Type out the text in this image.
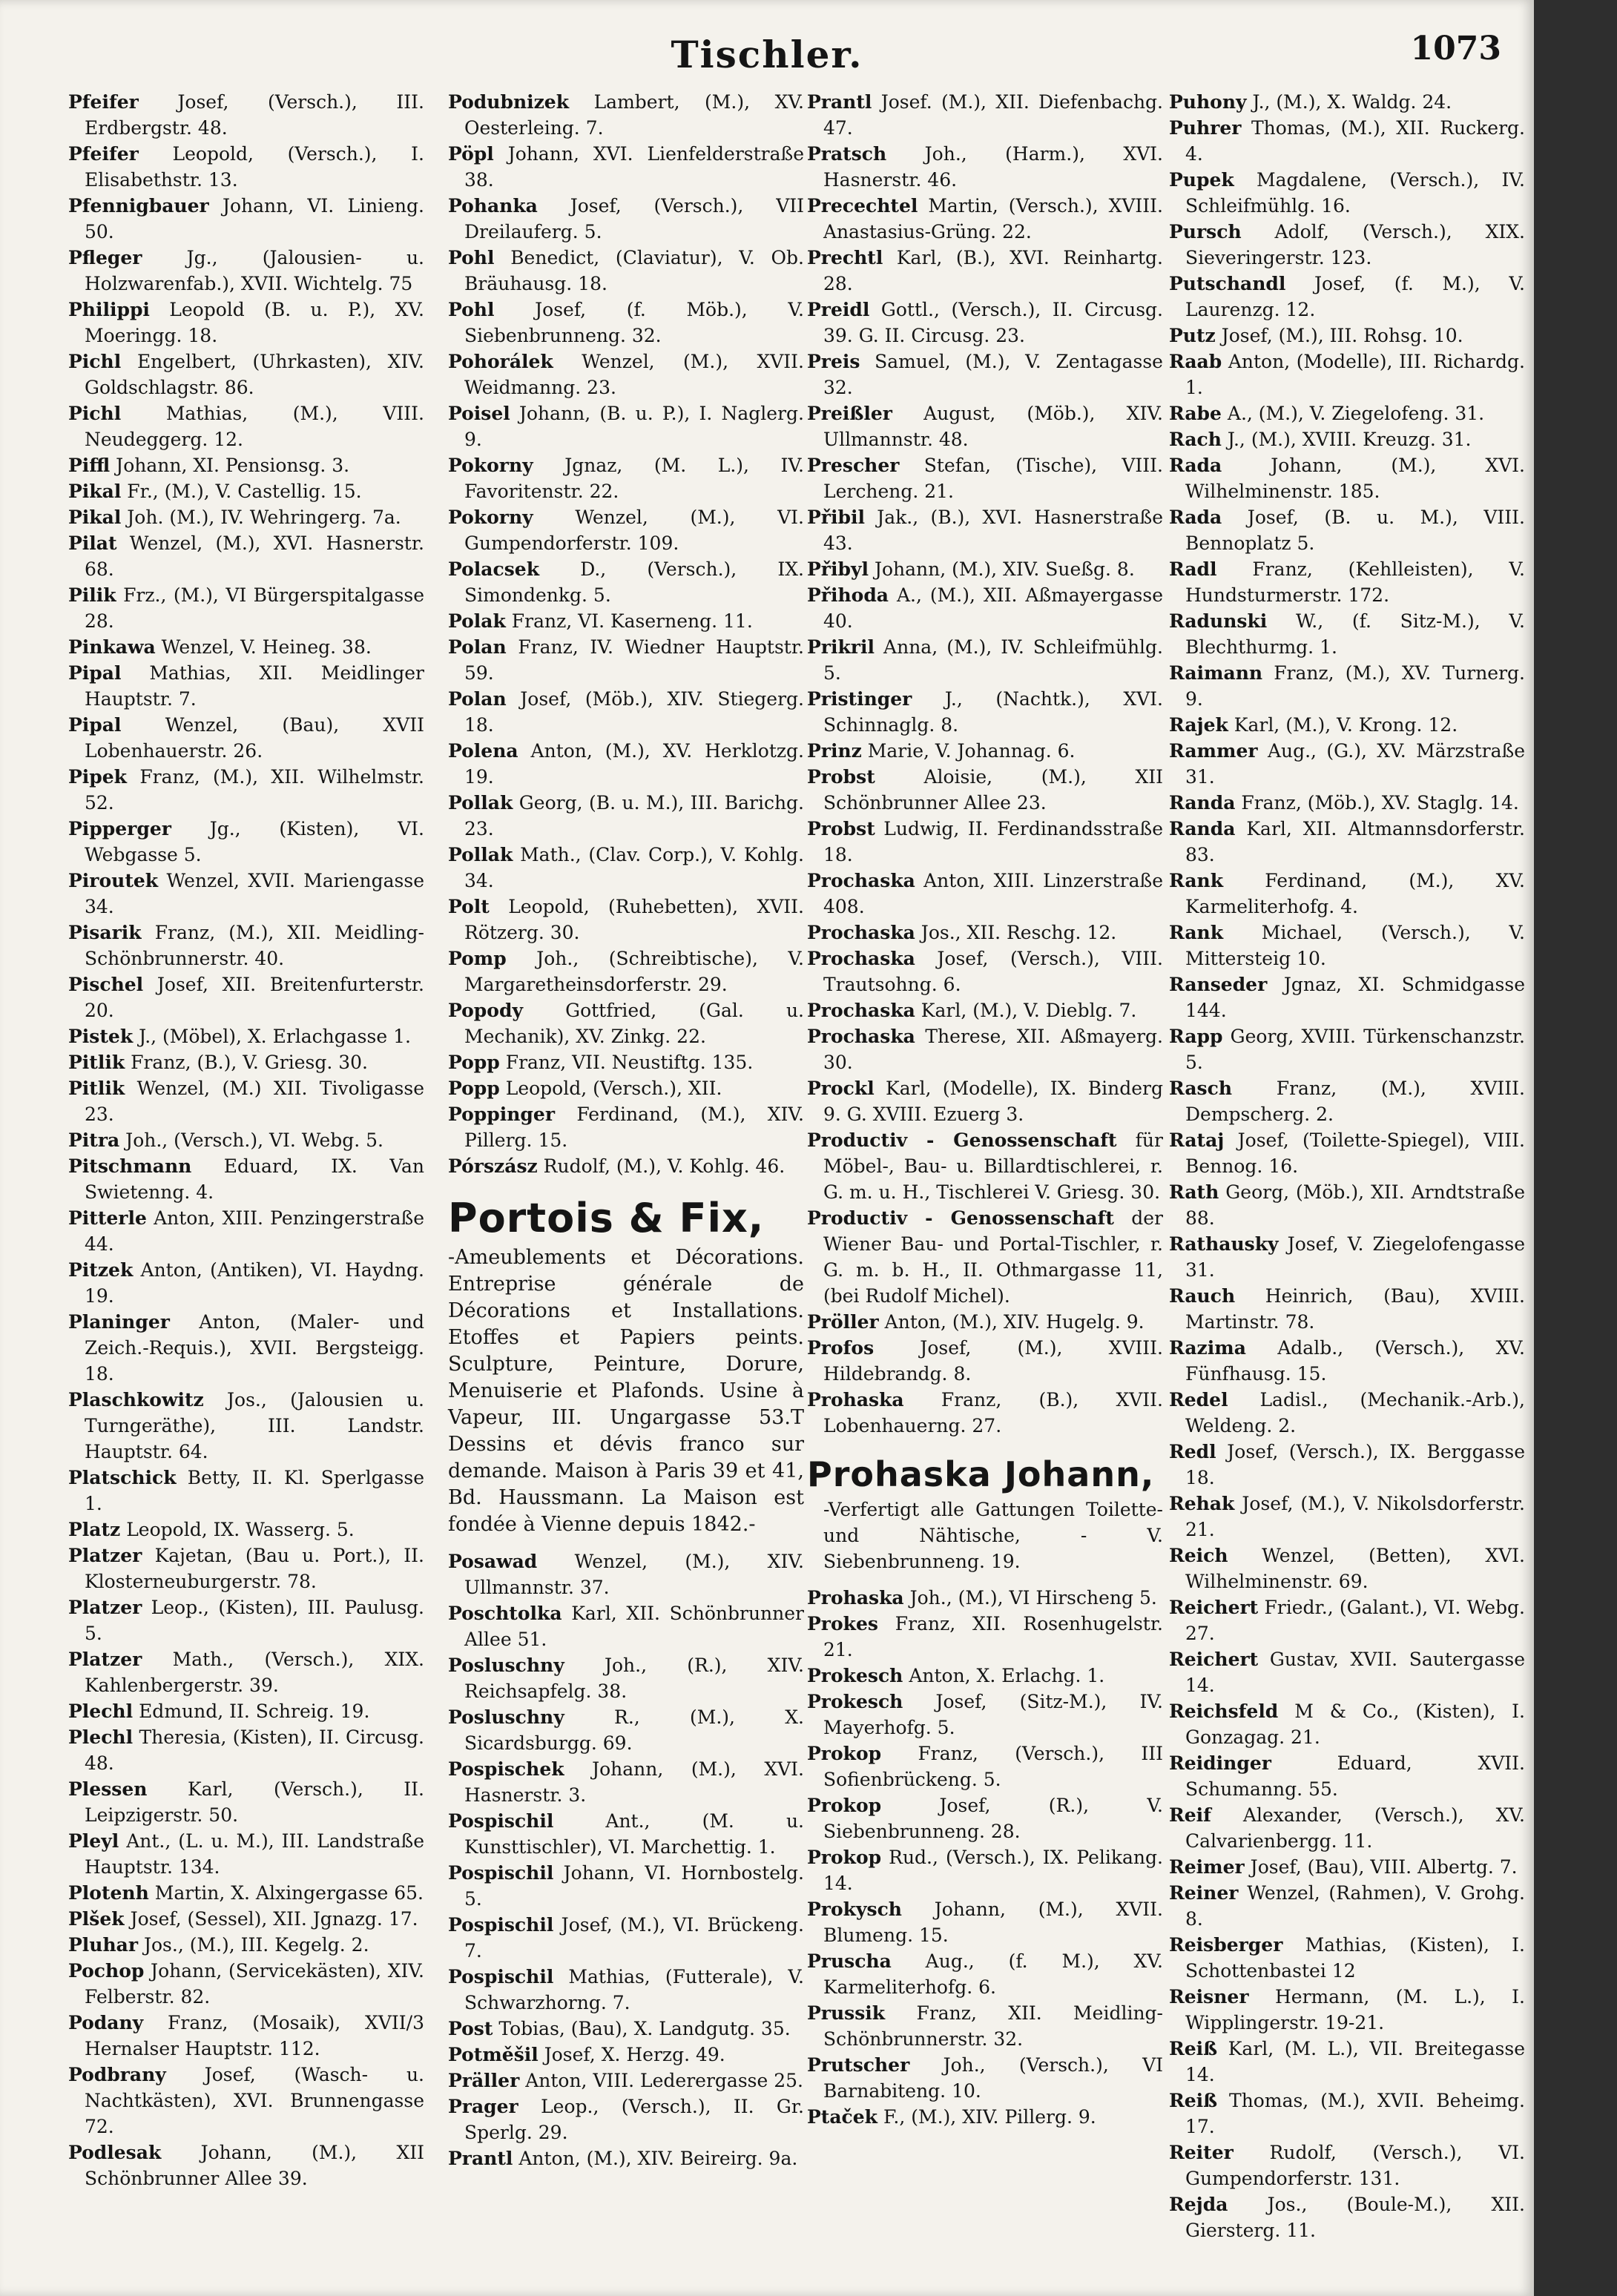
Tischler.	1073
Pfeifer Josef, (Versch.), III. Erdbergstr. 48.
Pfeifer Leopold, (Versch.), I. Elisabethstr. 13.
Pfennigbauer Johann, VI. Linieng. 50.
Pfleger Jg., (Jalousien- u. Holzwarenfab.), XVII. Wichtelg. 75
Philippi Leopold (B. u. P.), XV. Moeringg. 18.
Pichl Engelbert, (Uhrkasten), XIV. Goldschlagstr. 86.
Pichl Mathias, (M.), VIII. Neudeggerg. 12.
Piffl Johann, XI. Pensionsg. 3.
Pikal Fr., (M.), V. Castellig. 15.
Pikal Joh. (M.), IV. Wehringerg. 7a.
Pilat Wenzel, (M.), XVI. Hasnerstr. 68.
Pilik Frz., (M.), VI Bürgerspitalgasse 28.
Pinkawa Wenzel, V. Heineg. 38.
Pipal Mathias, XII. Meidlinger Hauptstr. 7.
Pipal Wenzel, (Bau), XVII Lobenhauerstr. 26.
Pipek Franz, (M.), XII. Wilhelmstr. 52.
Pipperger Jg., (Kisten), VI. Webgasse 5.
Piroutek Wenzel, XVII. Mariengasse 34.
Pisarik Franz, (M.), XII. Meidling-Schönbrunnerstr. 40.
Pischel Josef, XII. Breitenfurterstr. 20.
Pistek J., (Möbel), X. Erlachgasse 1.
Pitlik Franz, (B.), V. Griesg. 30.
Pitlik Wenzel, (M.) XII. Tivoligasse 23.
Pitra Joh., (Versch.), VI. Webg. 5.
Pitschmann Eduard, IX. Van Swietenng. 4.
Pitterle Anton, XIII. Penzingerstraße 44.
Pitzek Anton, (Antiken), VI. Haydng. 19.
Planinger Anton, (Maler- und Zeich.-Requis.), XVII. Bergsteigg. 18.
Plaschkowitz Jos., (Jalousien u. Turngeräthe), III. Landstr. Hauptstr. 64.
Platschick Betty, II. Kl. Sperlgasse 1.
Platz Leopold, IX. Wasserg. 5.
Platzer Kajetan, (Bau u. Port.), II. Klosterneuburgerstr. 78.
Platzer Leop., (Kisten), III. Paulusg. 5.
Platzer Math., (Versch.), XIX. Kahlenbergerstr. 39.
Plechl Edmund, II. Schreig. 19.
Plechl Theresia, (Kisten), II. Circusg. 48.
Plessen Karl, (Versch.), II. Leipzigerstr. 50.
Pleyl Ant., (L. u. M.), III. Landstraße Hauptstr. 134.
Plotenh Martin, X. Alxingergasse 65.
Plšek Josef, (Sessel), XII. Jgnazg. 17.
Pluhar Jos., (M.), III. Kegelg. 2.
Pochop Johann, (Servicekästen), XIV. Felberstr. 82.
Podany Franz, (Mosaik), XVII/3 Hernalser Hauptstr. 112.
Podbrany Josef, (Wasch- u. Nachtkästen), XVI. Brunnengasse 72.
Podlesak Johann, (M.), XII Schönbrunner Allee 39.
Podubnizek Lambert, (M.), XV. Oesterleing. 7.
Pöpl Johann, XVI. Lienfelderstraße 38.
Pohanka Josef, (Versch.), VII Dreilauferg. 5.
Pohl Benedict, (Claviatur), V. Ob. Bräuhausg. 18.
Pohl Josef, (f. Möb.), V. Siebenbrunneng. 32.
Pohorálek Wenzel, (M.), XVII. Weidmanng. 23.
Poisel Johann, (B. u. P.), I. Naglerg. 9.
Pokorny Jgnaz, (M. L.), IV. Favoritenstr. 22.
Pokorny Wenzel, (M.), VI. Gumpendorferstr. 109.
Polacsek D., (Versch.), IX. Simondenkg. 5.
Polak Franz, VI. Kaserneng. 11.
Polan Franz, IV. Wiedner Hauptstr. 59.
Polan Josef, (Möb.), XIV. Stiegerg. 18.
Polena Anton, (M.), XV. Herklotzg. 19.
Pollak Georg, (B. u. M.), III. Barichg. 23.
Pollak Math., (Clav. Corp.), V. Kohlg. 34.
Polt Leopold, (Ruhebetten), XVII. Rötzerg. 30.
Pomp Joh., (Schreibtische), V. Margaretheinsdorferstr. 29.
Popody Gottfried, (Gal. u. Mechanik), XV. Zinkg. 22.
Popp Franz, VII. Neustiftg. 135.
Popp Leopold, (Versch.), XII.
Poppinger Ferdinand, (M.), XIV. Pillerg. 15.
Pórszász Rudolf, (M.), V. Kohlg. 46.
Portois & Fix,
-Ameublements et Décorations. Entreprise générale de Décorations et Installations. Etoffes et Papiers peints. Sculpture, Peinture, Dorure, Menuiserie et Plafonds. Usine à Vapeur, III. Ungargasse 53.T Dessins et dévis franco sur demande. Maison à Paris 39 et 41, Bd. Haussmann. La Maison est fondée à Vienne depuis 1842.-
Posawad Wenzel, (M.), XIV. Ullmannstr. 37.
Poschtolka Karl, XII. Schönbrunner Allee 51.
Posluschny Joh., (R.), XIV. Reichsapfelg. 38.
Posluschny	R., (M.), X. Sicardsburgg. 69.
Pospischek Johann, (M.), XVI. Hasnerstr. 3.
Pospischil	Ant., (M. u. Kunsttischler), VI. Marchettig. 1.
Pospischil Johann, VI. Hornbostelg. 5.
Pospischil Josef, (M.), VI. Brückeng. 7.
Pospischil Mathias, (Futterale), V. Schwarzhorng. 7.
Post Tobias, (Bau), X. Landgutg. 35.
Potměšil Josef, X. Herzg. 49.
Präller Anton, VIII. Lederergasse 25.
Prager Leop., (Versch.), II. Gr. Sperlg. 29.
Prantl Anton, (M.), XIV. Beireirg. 9a.
Prantl Josef. (M.), XII. Diefenbachg. 47.
Pratsch Joh., (Harm.), XVI. Hasnerstr. 46.
Precechtel Martin, (Versch.), XVIII. Anastasius-Grüng. 22.
Prechtl Karl, (B.), XVI. Reinhartg. 28.
Preidl Gottl., (Versch.), II. Circusg. 39. G. II. Circusg. 23.
Preis Samuel, (M.), V. Zentagasse 32.
Preißler August, (Möb.), XIV. Ullmannstr. 48.
Prescher Stefan, (Tische), VIII. Lercheng. 21.
Přibil Jak., (B.), XVI. Hasnerstraße 43.
Přibyl Johann, (M.), XIV. Sueßg. 8.
Přihoda A., (M.), XII. Aßmayergasse 40.
Prikril Anna, (M.), IV. Schleifmühlg. 5.
Pristinger J., (Nachtk.), XVI. Schinnaglg. 8.
Prinz Marie, V. Johannag. 6.
Probst	Aloisie, (M.), XII Schönbrunner Allee 23.
Probst Ludwig, II. Ferdinandsstraße 18.
Prochaska Anton, XIII. Linzerstraße 408.
Prochaska Jos., XII. Reschg. 12.
Prochaska Josef, (Versch.), VIII. Trautsohng. 6.
Prochaska Karl, (M.), V. Dieblg. 7.
Prochaska Therese, XII. Aßmayerg. 30.
Prockl Karl, (Modelle), IX. Binderg 9. G. XVIII. Ezuerg 3.
Productiv - Genossenschaft für Möbel-, Bau- u. Billardtischlerei, r. G. m. u. H., Tischlerei V. Griesg. 30.
Productiv - Genossenschaft der Wiener Bau- und Portal-Tischler, r. G. m. b. H., II. Othmargasse 11, (bei Rudolf Michel).
Pröller Anton, (M.), XIV. Hugelg. 9.
Profos Josef, (M.), XVIII. Hildebrandg. 8.
Prohaska Franz, (B.), XVII. Lobenhauerng. 27.
Prohaska Johann,
-Verfertigt alle Gattungen Toilette- und Nähtische, - V. Siebenbrunneng. 19.
Prohaska Joh., (M.), VI Hirscheng 5.
Prokes Franz, XII. Rosenhugelstr. 21.
Prokesch Anton, X. Erlachg. 1.
Prokesch Josef, (Sitz-M.), IV. Mayerhofg. 5.
Prokop Franz, (Versch.), III Sofienbrückeng. 5.
Prokop	Josef, (R.), V. Siebenbrunneng. 28.
Prokop Rud., (Versch.), IX. Pelikang. 14.
Prokysch Johann, (M.), XVII. Blumeng. 15.
Pruscha Aug., (f. M.), XV. Karmeliterhofg. 6.
Prussik Franz, XII. Meidling-Schönbrunnerstr. 32.
Prutscher Joh., (Versch.), VI Barnabiteng. 10.
Ptaček F., (M.), XIV. Pillerg. 9.
Puhony J., (M.), X. Waldg. 24.
Puhrer Thomas, (M.), XII. Ruckerg. 4.
Pupek Magdalene, (Versch.), IV. Schleifmühlg. 16.
Pursch Adolf, (Versch.), XIX. Sieveringerstr. 123.
Putschandl Josef, (f. M.), V. Laurenzg. 12.
Putz Josef, (M.), III. Rohsg. 10.
Raab Anton, (Modelle), III. Richardg. 1.
Rabe A., (M.), V. Ziegelofeng. 31.
Rach J., (M.), XVIII. Kreuzg. 31.
Rada	Johann, (M.), XVI. Wilhelminenstr. 185.
Rada Josef, (B. u. M.), VIII. Bennoplatz 5.
Radl Franz, (Kehlleisten), V. Hundsturmerstr. 172.
Radunski W., (f. Sitz-M.), V. Blechthurmg. 1.
Raimann Franz, (M.), XV. Turnerg. 9.
Rajek Karl, (M.), V. Krong. 12.
Rammer Aug., (G.), XV. Märzstraße 31.
Randa Franz, (Möb.), XV. Staglg. 14.
Randa Karl, XII. Altmannsdorferstr. 83.
Rank Ferdinand, (M.), XV. Karmeliterhofg. 4.
Rank Michael, (Versch.), V. Mittersteig 10.
Ranseder Jgnaz, XI. Schmidgasse 144.
Rapp Georg, XVIII. Türkenschanzstr. 5.
Rasch Franz, (M.), XVIII. Dempscherg. 2.
Rataj Josef, (Toilette-Spiegel), VIII. Bennog. 16.
Rath Georg, (Möb.), XII. Arndtstraße 88.
Rathausky Josef, V. Ziegelofengasse 31.
Rauch Heinrich, (Bau), XVIII. Martinstr. 78.
Razima Adalb., (Versch.), XV. Fünfhausg. 15.
Redel Ladisl., (Mechanik.-Arb.), Weldeng. 2.
Redl Josef, (Versch.), IX. Berggasse 18.
Rehak Josef, (M.), V. Nikolsdorferstr. 21.
Reich Wenzel, (Betten), XVI. Wilhelminenstr. 69.
Reichert Friedr., (Galant.), VI. Webg. 27.
Reichert Gustav, XVII. Sautergasse 14.
Reichsfeld M & Co., (Kisten), I. Gonzagag. 21.
Reidinger	Eduard, XVII. Schumanng. 55.
Reif Alexander, (Versch.), XV. Calvarienbergg. 11.
Reimer Josef, (Bau), VIII. Albertg. 7.
Reiner Wenzel, (Rahmen), V. Grohg. 8.
Reisberger Mathias, (Kisten), I. Schottenbastei 12
Reisner Hermann, (M. L.), I. Wipplingerstr. 19-21.
Reiß Karl, (M. L.), VII. Breitegasse 14.
Reiß Thomas, (M.), XVII. Beheimg. 17.
Reiter Rudolf, (Versch.), VI. Gumpendorferstr. 131.
Rejda Jos., (Boule-M.), XII. Giersterg. 11.
